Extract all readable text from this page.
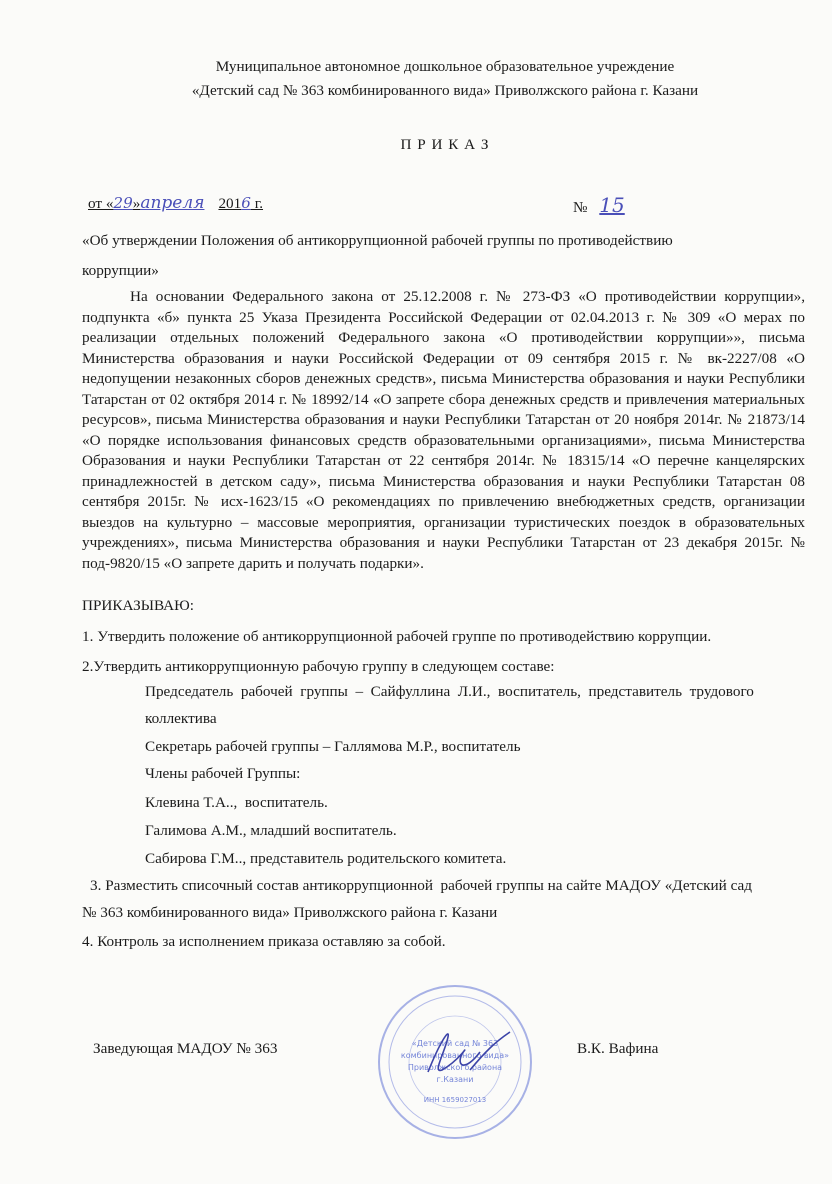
Муниципальное автономное дошкольное образовательное учреждение
«Детский сад № 363 комбинированного вида» Приволжского района г. Казани
П Р И К А З
от «29»апреля 2016 г.	№ 15
«Об утверждении Положения об антикоррупционной рабочей группы по противодействию
коррупции»

На основании Федерального закона от 25.12.2008 г. № 273-ФЗ «О противодействии коррупции», подпункта «б» пункта 25 Указа Президента Российской Федерации от 02.04.2013 г. № 309 «О мерах по реализации отдельных положений Федерального закона «О противодействии коррупции»», письма Министерства образования и науки Российской Федерации от 09 сентября 2015 г. № вк-2227/08 «О недопущении незаконных сборов денежных средств», письма Министерства образования и науки Республики Татарстан от 02 октября 2014 г. № 18992/14 «О запрете сбора денежных средств и привлечения материальных ресурсов», письма Министерства образования и науки Республики Татарстан от 20 ноября 2014г. № 21873/14 «О порядке использования финансовых средств образовательными организациями», письма Министерства Образования и науки Республики Татарстан от 22 сентября 2014г. № 18315/14 «О перечне канцелярских принадлежностей в детском саду», письма Министерства образования и науки Республики Татарстан 08 сентября 2015г. № исх-1623/15 «О рекомендациях по привлечению внебюджетных средств, организации выездов на культурно – массовые мероприятия, организации туристических поездок в образовательных учреждениях», письма Министерства образования и науки Республики Татарстан от 23 декабря 2015г. № под-9820/15 «О запрете дарить и получать подарки».

ПРИКАЗЫВАЮ:
1. Утвердить положение об антикоррупционной рабочей группе по противодействию коррупции.
2.Утвердить антикоррупционную рабочую группу в следующем составе:
Председатель  рабочей  группы  –  Сайфуллина  Л.И.,  воспитатель,  представитель  трудового
коллектива
Секретарь рабочей группы – Галлямова М.Р., воспитатель
Члены рабочей Группы:
Клевина Т.А..,  воспитатель.
Галимова А.М., младший воспитатель.
Сабирова Г.М.., представитель родительского комитета.
3. Разместить списочный состав антикоррупционной  рабочей группы на сайте МАДОУ «Детский сад
№ 363 комбинированного вида» Приволжского района г. Казани
4. Контроль за исполнением приказа оставляю за собой.
Заведующая МАДОУ № 363	В.К. Вафина
«Детский сад № 363
комбинированного вида»
Приволжского района
г.Казани
ИНН 1659027013
